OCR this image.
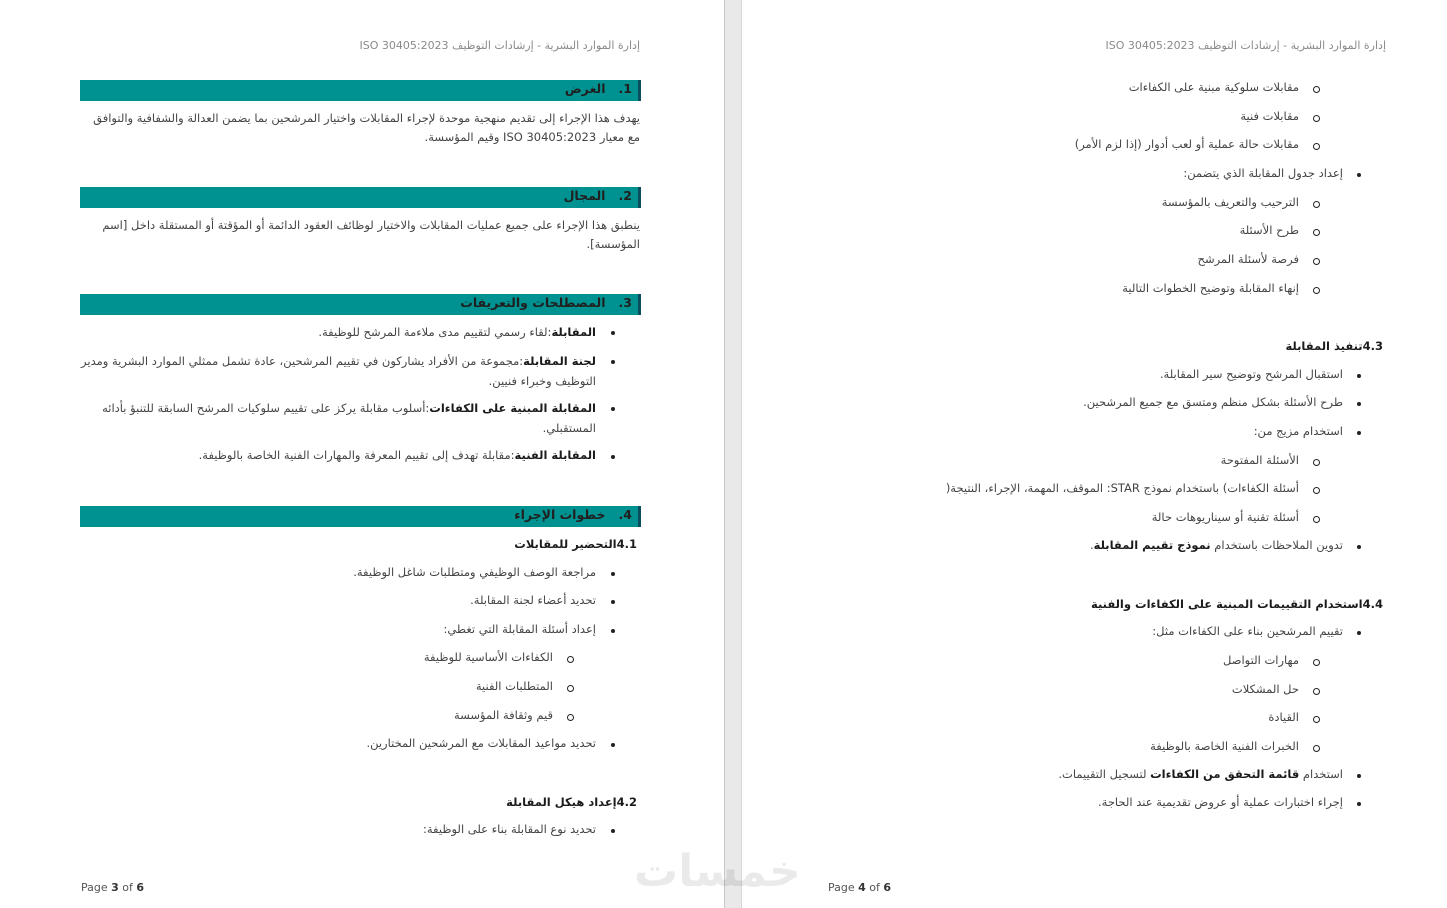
إدارة الموارد البشرية - إرشادات التوظيف ISO 30405:2023
1.   الغرض
يهدف هذا الإجراء إلى تقديم منهجية موحدة لإجراء المقابلات واختيار المرشحين بما يضمن العدالة والشفافية والتوافق مع معيار ISO 30405:2023 وقيم المؤسسة.
2.   المجال
ينطبق هذا الإجراء على جميع عمليات المقابلات والاختيار لوظائف العقود الدائمة أو المؤقتة أو المستقلة داخل [اسم المؤسسة].
3.   المصطلحات والتعريفات
المقابلة:لقاء رسمي لتقييم مدى ملاءمة المرشح للوظيفة.
لجنة المقابلة:مجموعة من الأفراد يشاركون في تقييم المرشحين، عادة تشمل ممثلي الموارد البشرية ومدير التوظيف وخبراء فنيين.
المقابلة المبنية على الكفاءات:أسلوب مقابلة يركز على تقييم سلوكيات المرشح السابقة للتنبؤ بأدائه المستقبلي.
المقابلة الفنية:مقابلة تهدف إلى تقييم المعرفة والمهارات الفنية الخاصة بالوظيفة.
4.   خطوات الإجراء
4.1التحضير للمقابلات
مراجعة الوصف الوظيفي ومتطلبات شاغل الوظيفة.
تحديد أعضاء لجنة المقابلة.
إعداد أسئلة المقابلة التي تغطي:
الكفاءات الأساسية للوظيفة
المتطلبات الفنية
قيم وثقافة المؤسسة
تحديد مواعيد المقابلات مع المرشحين المختارين.
4.2إعداد هيكل المقابلة
تحديد نوع المقابلة بناء على الوظيفة:
Page 3 of 6
إدارة الموارد البشرية - إرشادات التوظيف ISO 30405:2023
مقابلات سلوكية مبنية على الكفاءات
مقابلات فنية
مقابلات حالة عملية أو لعب أدوار (إذا لزم الأمر)
إعداد جدول المقابلة الذي يتضمن:
الترحيب والتعريف بالمؤسسة
طرح الأسئلة
فرصة لأسئلة المرشح
إنهاء المقابلة وتوضيح الخطوات التالية
4.3تنفيذ المقابلة
استقبال المرشح وتوضيح سير المقابلة.
طرح الأسئلة بشكل منظم ومتسق مع جميع المرشحين.
استخدام مزيج من:
الأسئلة المفتوحة
أسئلة الكفاءات) باستخدام نموذج STAR: الموقف، المهمة، الإجراء، النتيجة(
أسئلة تقنية أو سيناريوهات حالة
تدوين الملاحظات باستخدام نموذج تقييم المقابلة.
4.4استخدام التقييمات المبنية على الكفاءات والفنية
تقييم المرشحين بناء على الكفاءات مثل:
مهارات التواصل
حل المشكلات
القيادة
الخبرات الفنية الخاصة بالوظيفة
استخدام قائمة التحقق من الكفاءات لتسجيل التقييمات.
إجراء اختبارات عملية أو عروض تقديمية عند الحاجة.
Page 4 of 6
خمسات
